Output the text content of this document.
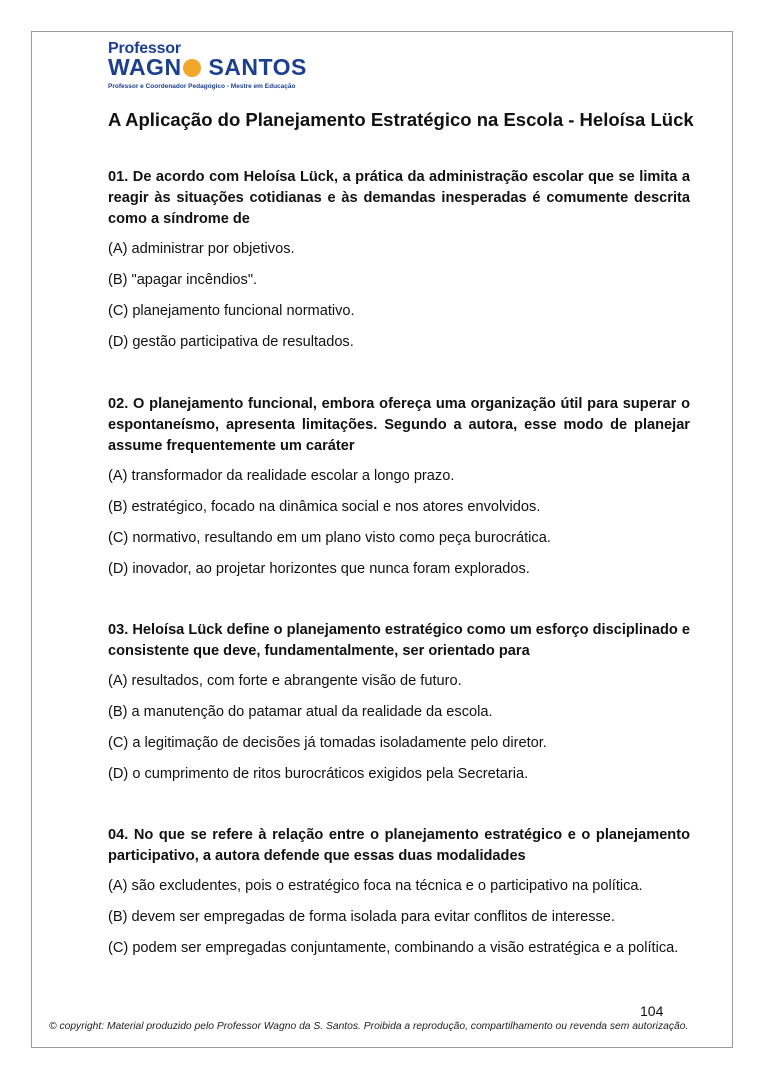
Professor
WAGN SANTOS
Professor e Coordenador Pedagógico - Mestre em Educação
A Aplicação do Planejamento Estratégico na Escola - Heloísa Lück
01. De acordo com Heloísa Lück, a prática da administração escolar que se limita a reagir às situações cotidianas e às demandas inesperadas é comumente descrita como a síndrome de
(A) administrar por objetivos.
(B) "apagar incêndios".
(C) planejamento funcional normativo.
(D) gestão participativa de resultados.
02. O planejamento funcional, embora ofereça uma organização útil para superar o espontaneísmo, apresenta limitações. Segundo a autora, esse modo de planejar assume frequentemente um caráter
(A) transformador da realidade escolar a longo prazo.
(B) estratégico, focado na dinâmica social e nos atores envolvidos.
(C) normativo, resultando em um plano visto como peça burocrática.
(D) inovador, ao projetar horizontes que nunca foram explorados.
03. Heloísa Lück define o planejamento estratégico como um esforço disciplinado e consistente que deve, fundamentalmente, ser orientado para
(A) resultados, com forte e abrangente visão de futuro.
(B) a manutenção do patamar atual da realidade da escola.
(C) a legitimação de decisões já tomadas isoladamente pelo diretor.
(D) o cumprimento de ritos burocráticos exigidos pela Secretaria.
04. No que se refere à relação entre o planejamento estratégico e o planejamento participativo, a autora defende que essas duas modalidades
(A) são excludentes, pois o estratégico foca na técnica e o participativo na política.
(B) devem ser empregadas de forma isolada para evitar conflitos de interesse.
(C) podem ser empregadas conjuntamente, combinando a visão estratégica e a política.
104
© copyright: Material produzido pelo Professor Wagno da S. Santos. Proibida a reprodução, compartilhamento ou revenda sem autorização.
